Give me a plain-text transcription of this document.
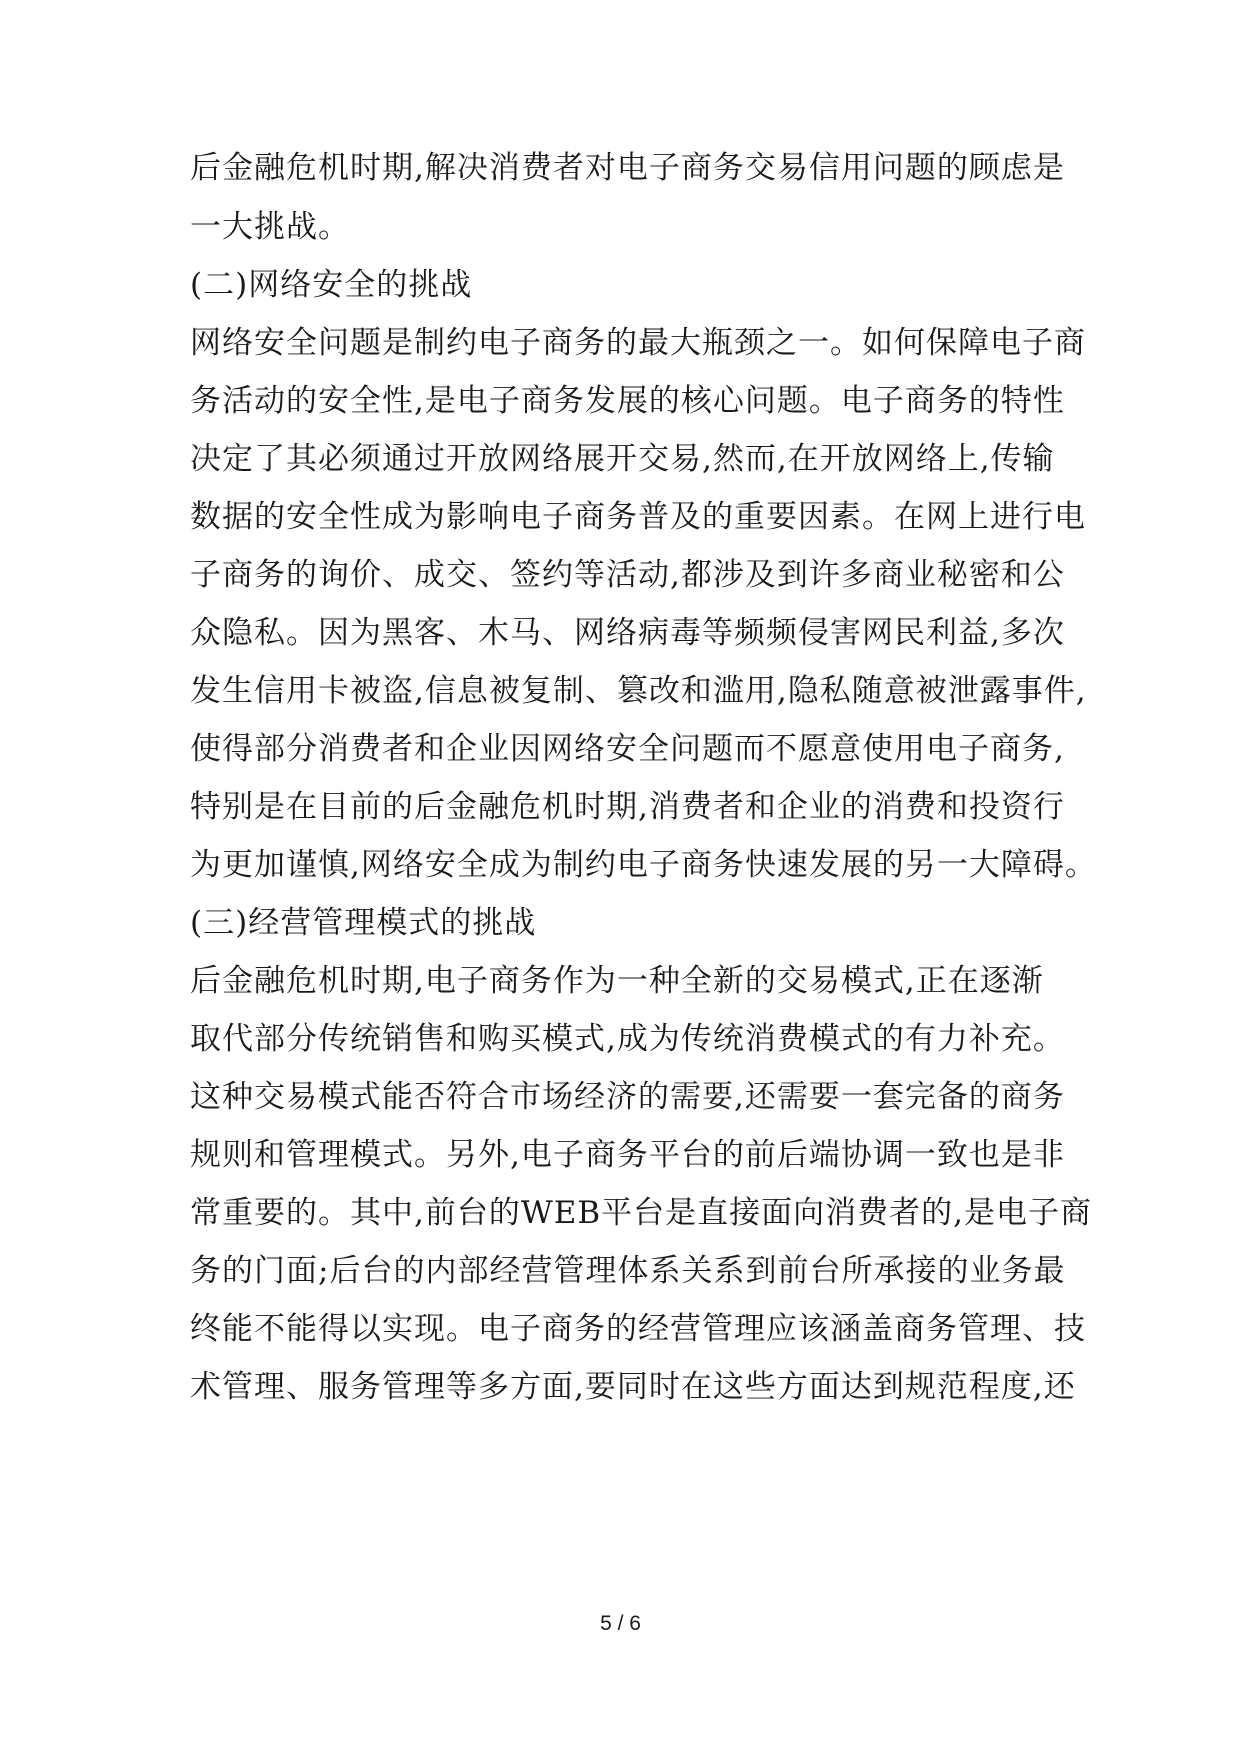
后金融危机时期,解决消费者对电子商务交易信用问题的顾虑是
一大挑战。
(二)网络安全的挑战
网络安全问题是制约电子商务的最大瓶颈之一。如何保障电子商
务活动的安全性,是电子商务发展的核心问题。电子商务的特性
决定了其必须通过开放网络展开交易,然而,在开放网络上,传输
数据的安全性成为影响电子商务普及的重要因素。在网上进行电
子商务的询价、成交、签约等活动,都涉及到许多商业秘密和公
众隐私。因为黑客、木马、网络病毒等频频侵害网民利益,多次
发生信用卡被盗,信息被复制、篡改和滥用,隐私随意被泄露事件,
使得部分消费者和企业因网络安全问题而不愿意使用电子商务,
特别是在目前的后金融危机时期,消费者和企业的消费和投资行
为更加谨慎,网络安全成为制约电子商务快速发展的另一大障碍。
(三)经营管理模式的挑战
后金融危机时期,电子商务作为一种全新的交易模式,正在逐渐
取代部分传统销售和购买模式,成为传统消费模式的有力补充。
这种交易模式能否符合市场经济的需要,还需要一套完备的商务
规则和管理模式。另外,电子商务平台的前后端协调一致也是非
常重要的。其中,前台的WEB平台是直接面向消费者的,是电子商
务的门面;后台的内部经营管理体系关系到前台所承接的业务最
终能不能得以实现。电子商务的经营管理应该涵盖商务管理、技
术管理、服务管理等多方面,要同时在这些方面达到规范程度,还
5 / 6
